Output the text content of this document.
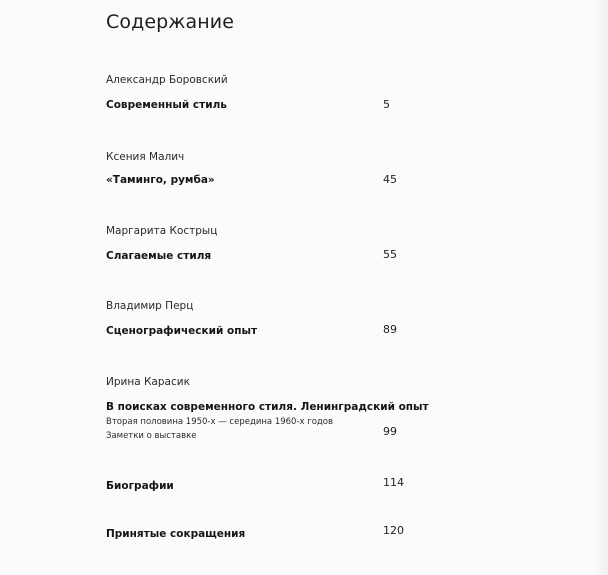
Содержание
Александр Боровский
Современный стиль	5
Ксения Малич
«Таминго, румба»	45
Маргарита Кострыц
Слагаемые стиля	55
Владимир Перц
Сценографический опыт	89
Ирина Карасик
В поисках современного стиля. Ленинградский опыт
Вторая половина 1950-х — середина 1960-х годов
Заметки о выставке	99
Биографии	114
Принятые сокращения	120
